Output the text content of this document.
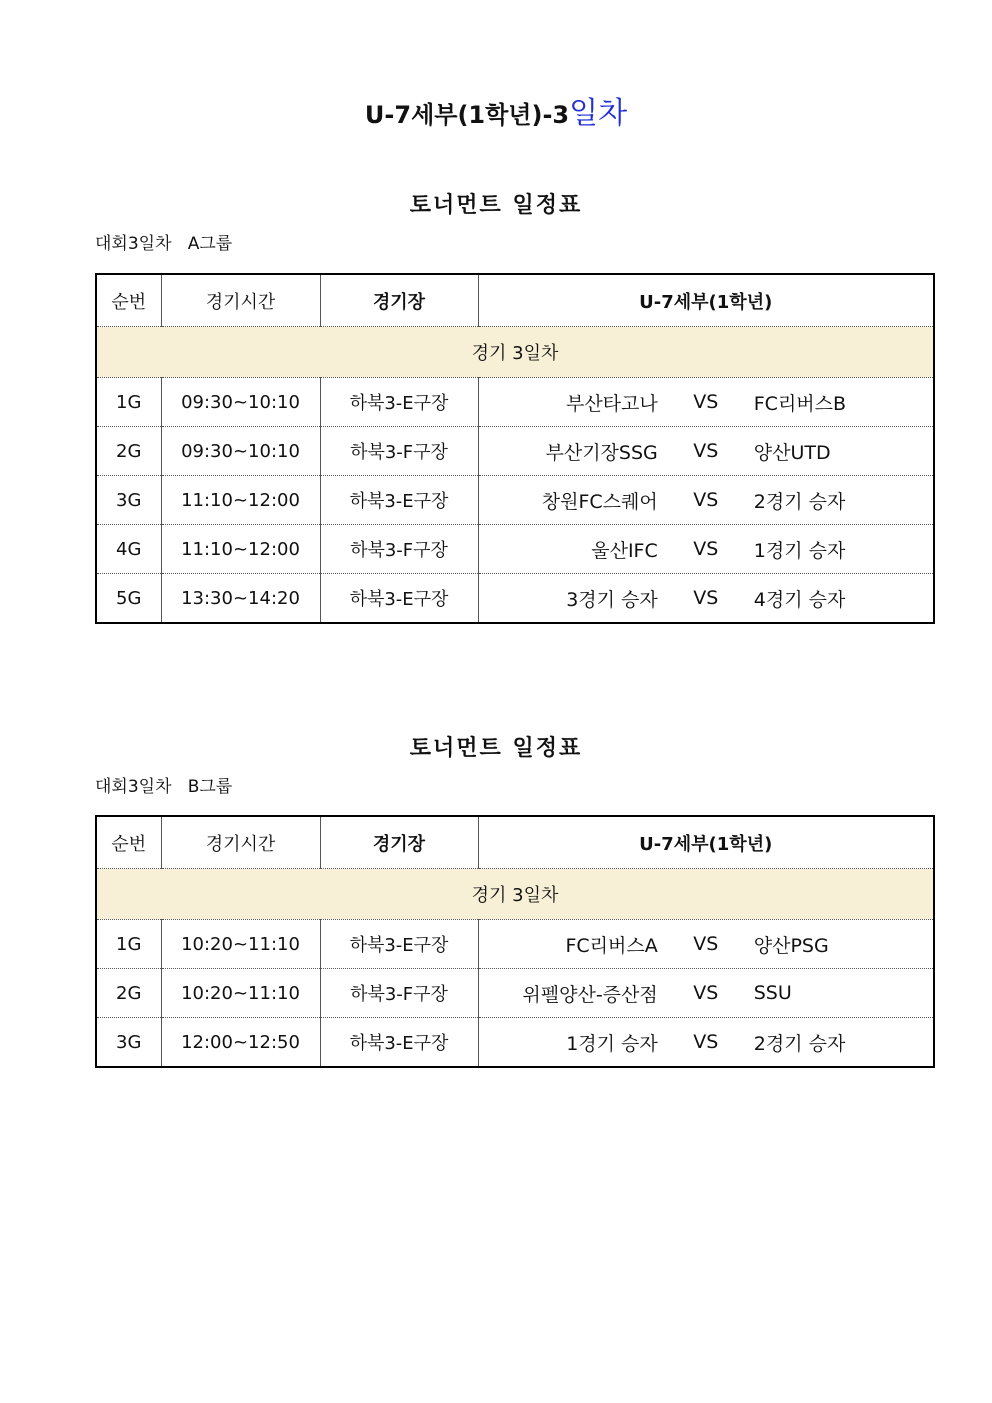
U-7세부(1학년)-3일차
토너먼트 일정표
대회3일차   A그룹
순번	경기시간	경기장	U-7세부(1학년)
경기 3일차			
1G	09:30~10:10	하북3-E구장	부산타고나 VS FC리버스B

2G	09:30~10:10	하북3-F구장	부산기장SSG VS 양산UTD

3G	11:10~12:00	하북3-E구장	창원FC스퀘어 VS 2경기 승자

4G	11:10~12:00	하북3-F구장	울산IFC VS 1경기 승자

5G	13:30~14:20	하북3-E구장	3경기 승자 VS 4경기 승자
토너먼트 일정표
대회3일차   B그룹
순번	경기시간	경기장	U-7세부(1학년)
경기 3일차			
1G	10:20~11:10	하북3-E구장	FC리버스A VS 양산PSG

2G	10:20~11:10	하북3-F구장	위펠양산-증산점 VS SSU

3G	12:00~12:50	하북3-E구장	1경기 승자 VS 2경기 승자
